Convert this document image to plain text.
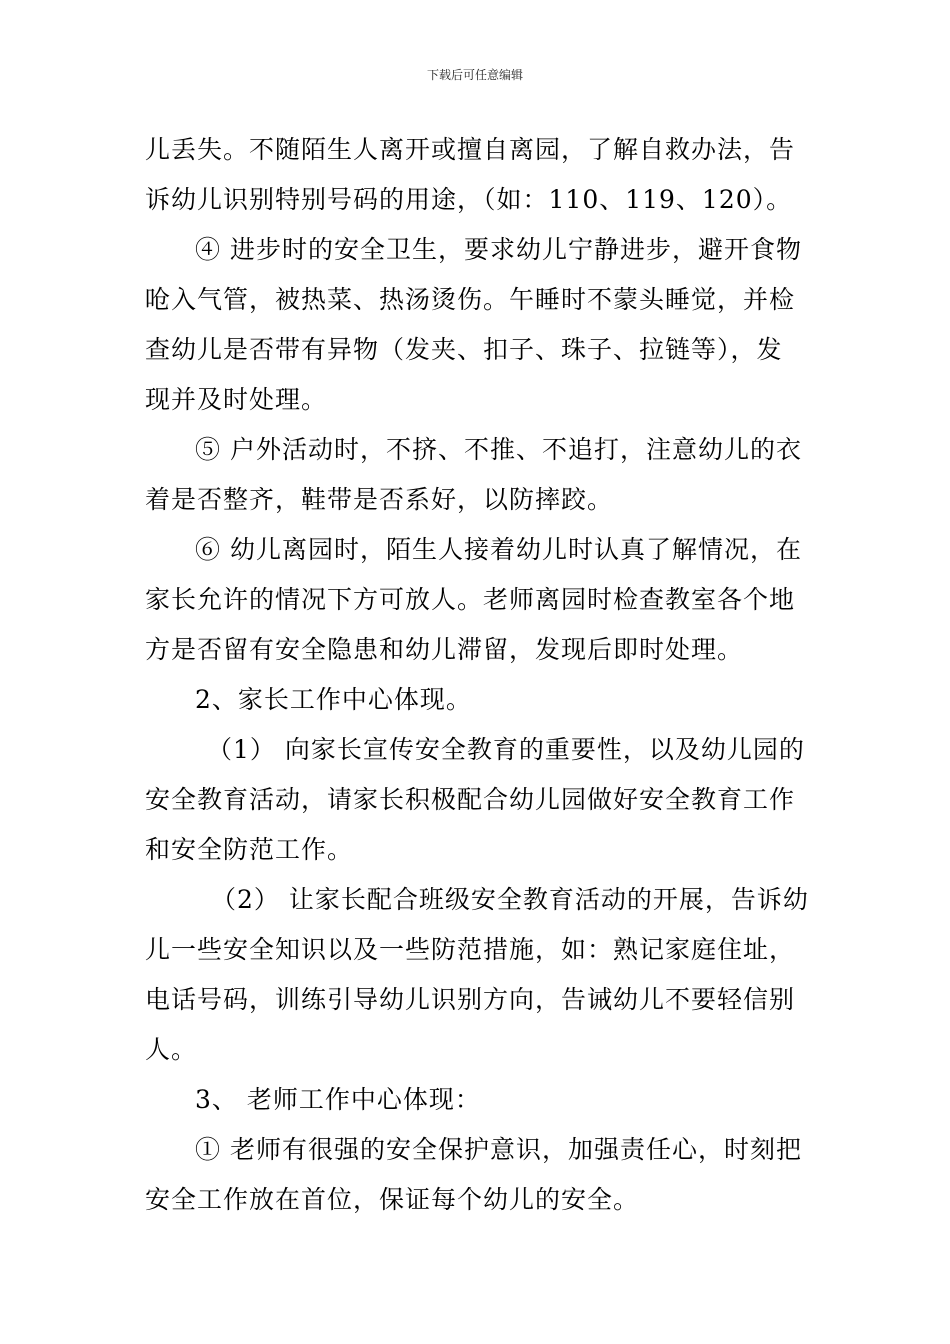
下载后可任意编辑
儿丢失。不随陌生人离开或擅自离园，了解自救办法，告
诉幼儿识别特别号码的用途，（如：110、119、120）。
④ 进步时的安全卫生，要求幼儿宁静进步，避开食物
呛入气管，被热菜、热汤烫伤。午睡时不蒙头睡觉，并检
查幼儿是否带有异物（发夹、扣子、珠子、拉链等），发
现并及时处理。
⑤ 户外活动时，不挤、不推、不追打，注意幼儿的衣
着是否整齐，鞋带是否系好，以防摔跤。
⑥ 幼儿离园时，陌生人接着幼儿时认真了解情况，在
家长允许的情况下方可放人。老师离园时检查教室各个地
方是否留有安全隐患和幼儿滞留，发现后即时处理。
2、家长工作中心体现。
（1） 向家长宣传安全教育的重要性，以及幼儿园的
安全教育活动，请家长积极配合幼儿园做好安全教育工作
和安全防范工作。
（2） 让家长配合班级安全教育活动的开展，告诉幼
儿一些安全知识以及一些防范措施，如：熟记家庭住址，
电话号码，训练引导幼儿识别方向，告诫幼儿不要轻信别
人。
3、 老师工作中心体现：
① 老师有很强的安全保护意识，加强责任心，时刻把
安全工作放在首位，保证每个幼儿的安全。
